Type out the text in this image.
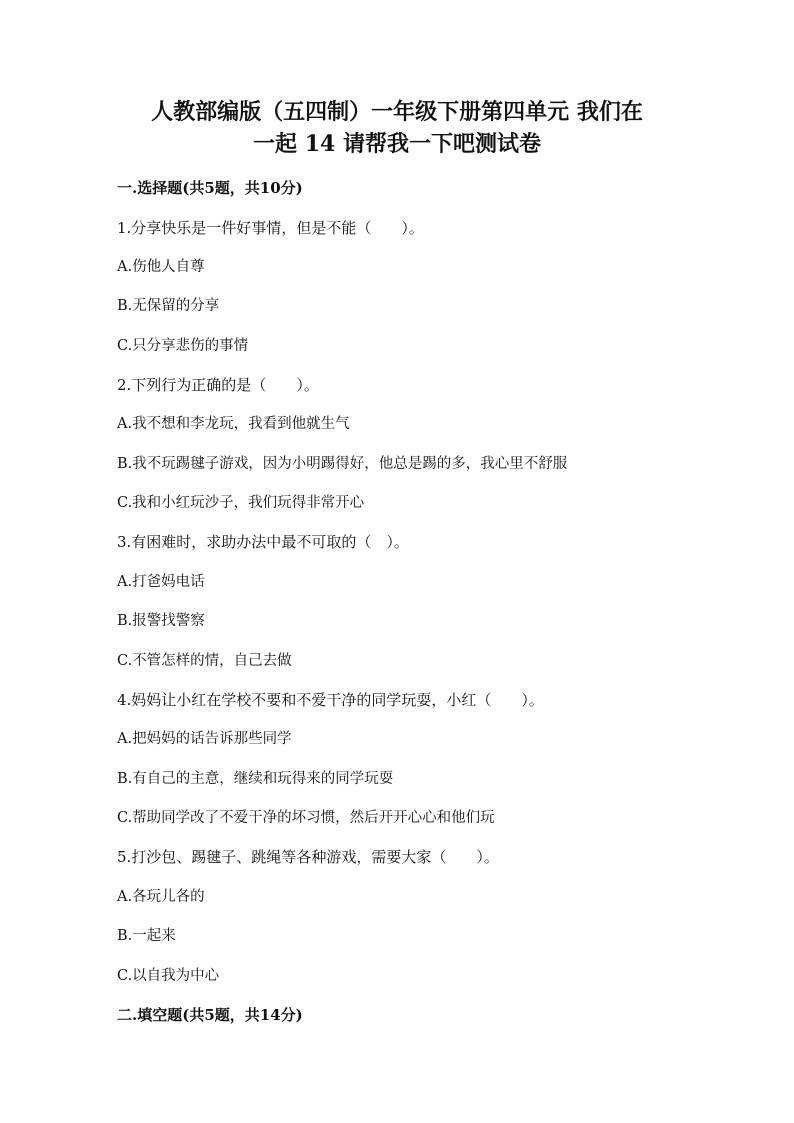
人教部编版（五四制）一年级下册第四单元 我们在
一起 14 请帮我一下吧测试卷
一.选择题(共5题，共10分)
1.分享快乐是一件好事情，但是不能（　　）。
A.伤他人自尊
B.无保留的分享
C.只分享悲伤的事情
2.下列行为正确的是（　　）。
A.我不想和李龙玩，我看到他就生气
B.我不玩踢毽子游戏，因为小明踢得好，他总是踢的多，我心里不舒服
C.我和小红玩沙子，我们玩得非常开心
3.有困难时，求助办法中最不可取的（　）。
A.打爸妈电话
B.报警找警察
C.不管怎样的情，自己去做
4.妈妈让小红在学校不要和不爱干净的同学玩耍，小红（　　）。
A.把妈妈的话告诉那些同学
B.有自己的主意，继续和玩得来的同学玩耍
C.帮助同学改了不爱干净的坏习惯，然后开开心心和他们玩
5.打沙包、踢毽子、跳绳等各种游戏，需要大家（　　）。
A.各玩儿各的
B.一起来
C.以自我为中心
二.填空题(共5题，共14分)
